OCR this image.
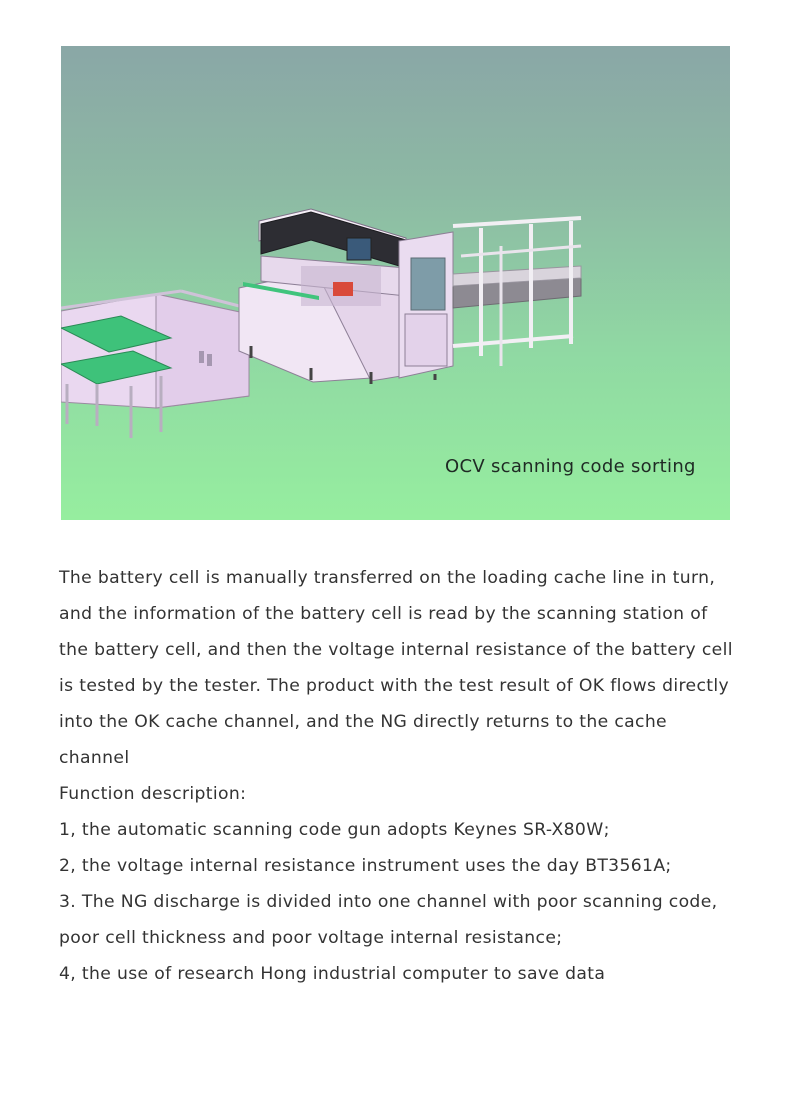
OCV scanning code sorting

The battery cell is manually transferred on the loading cache line in turn, and the information of the battery cell is read by the scanning station of the battery cell, and then the voltage internal resistance of the battery cell is tested by the tester. The product with the test result of OK flows directly into the OK cache channel, and the NG directly returns to the cache channel

Function description:

1, the automatic scanning code gun adopts Keynes SR-X80W;

2, the voltage internal resistance instrument uses the day BT3561A;

3. The NG discharge is divided into one channel with poor scanning code, poor cell thickness and poor voltage internal resistance;

4, the use of research Hong industrial computer to save data
